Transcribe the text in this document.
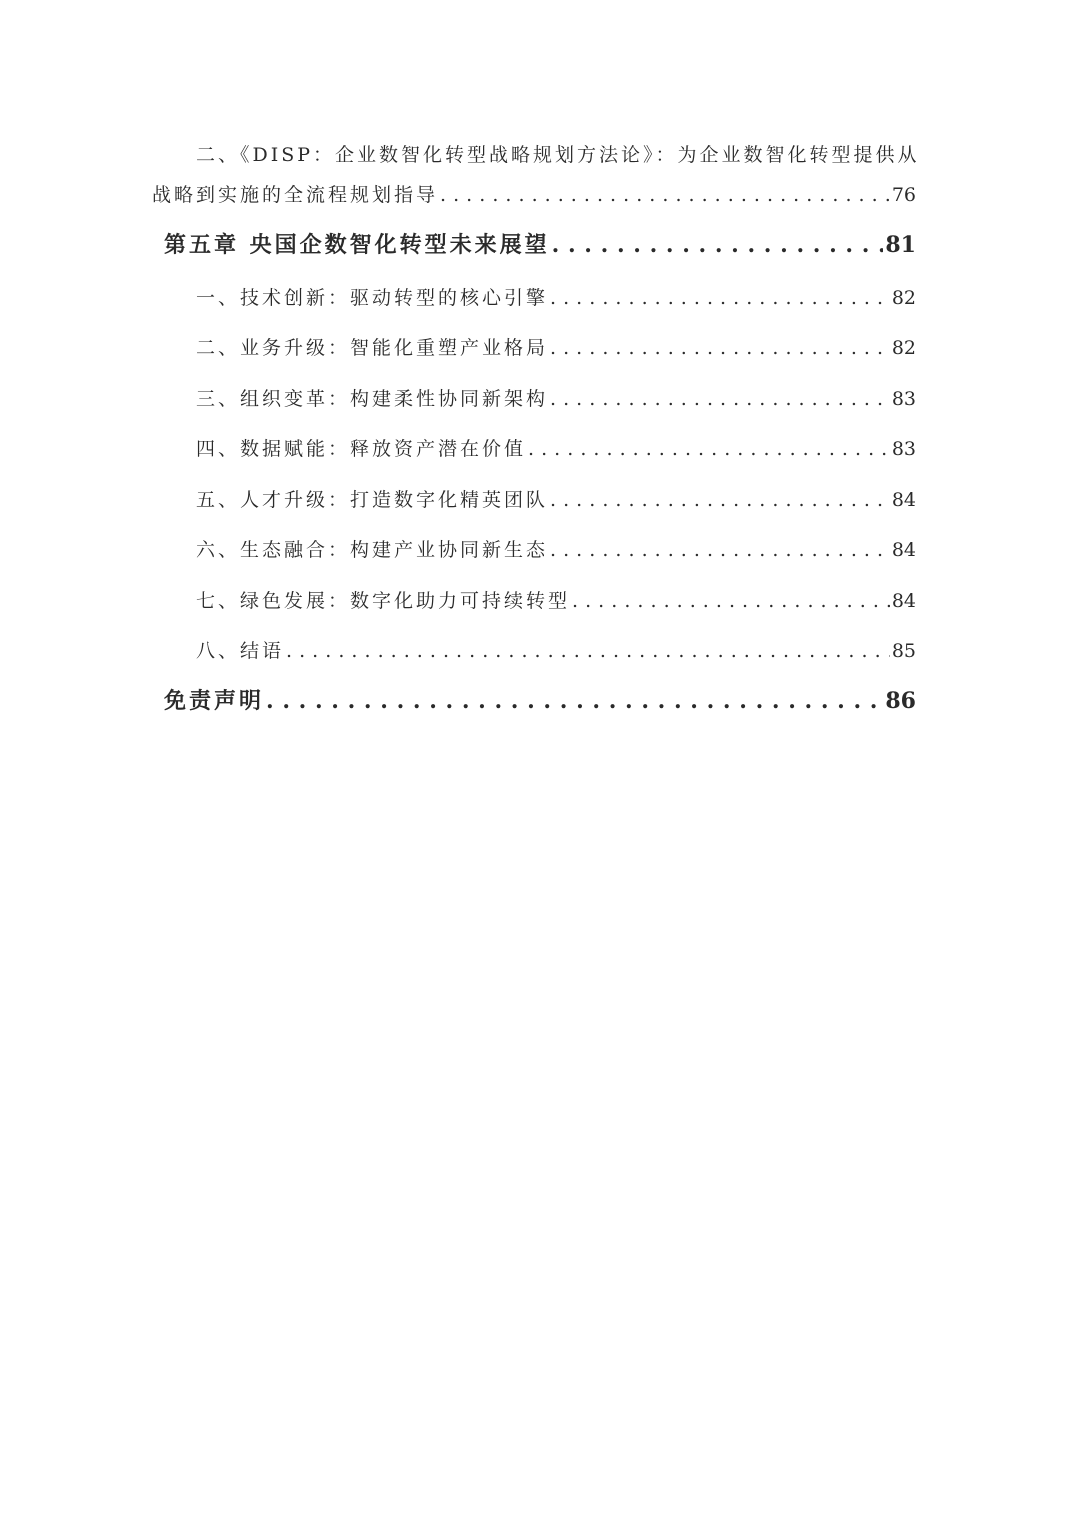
二、《DISP：企业数智化转型战略规划方法论》：为企业数智化转型提供从
战略到实施的全流程规划指导 . . .	76
第五章 央国企数智化转型未来展望 . . .	81
一、技术创新：驱动转型的核心引擎 . . .	82
二、业务升级：智能化重塑产业格局 . . .	82
三、组织变革：构建柔性协同新架构 . . .	83
四、数据赋能：释放资产潜在价值 . . .	83
五、人才升级：打造数字化精英团队 . . .	84
六、生态融合：构建产业协同新生态 . . .	84
七、绿色发展：数字化助力可持续转型 . . .	84
八、结语 . . .	85
免责声明 . . .	86
